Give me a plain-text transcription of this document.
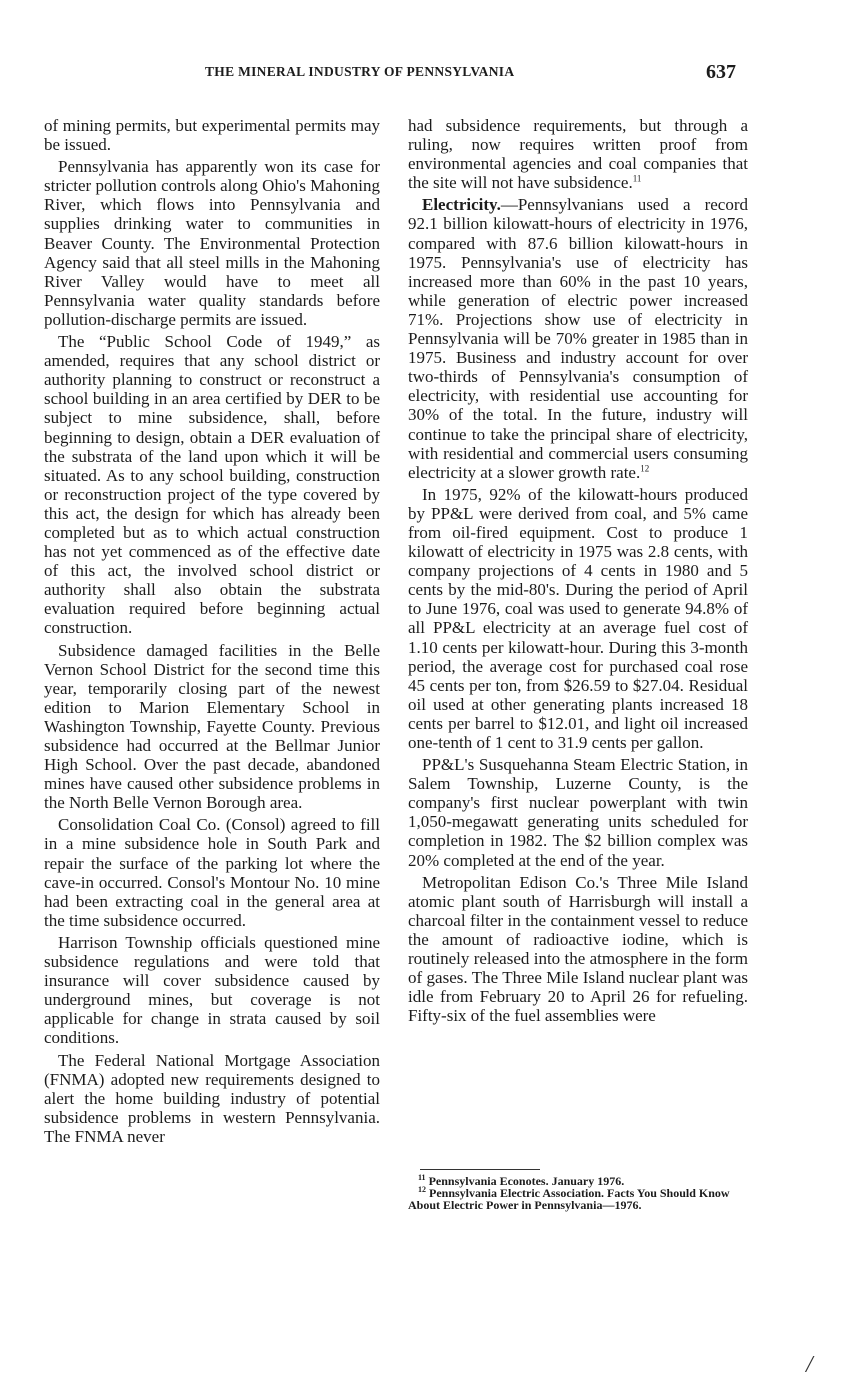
THE MINERAL INDUSTRY OF PENNSYLVANIA	637

of mining permits, but experimental permits may be issued.

Pennsylvania has apparently won its case for stricter pollution controls along Ohio's Mahoning River, which flows into Pennsylvania and supplies drinking water to communities in Beaver County. The Environmental Protection Agency said that all steel mills in the Mahoning River Valley would have to meet all Pennsylvania water quality standards before pollution-discharge permits are issued.

The “Public School Code of 1949,” as amended, requires that any school district or authority planning to construct or reconstruct a school building in an area certified by DER to be subject to mine subsidence, shall, before beginning to design, obtain a DER evaluation of the substrata of the land upon which it will be situated. As to any school building, construction or reconstruction project of the type covered by this act, the design for which has already been completed but as to which actual construction has not yet commenced as of the effective date of this act, the involved school district or authority shall also obtain the substrata evaluation required before beginning actual construction.

Subsidence damaged facilities in the Belle Vernon School District for the second time this year, temporarily closing part of the newest edition to Marion Elementary School in Washington Township, Fayette County. Previous subsidence had occurred at the Bellmar Junior High School. Over the past decade, abandoned mines have caused other subsidence problems in the North Belle Vernon Borough area.

Consolidation Coal Co. (Consol) agreed to fill in a mine subsidence hole in South Park and repair the surface of the parking lot where the cave-in occurred. Consol's Montour No. 10 mine had been extracting coal in the general area at the time subsidence occurred.

Harrison Township officials questioned mine subsidence regulations and were told that insurance will cover subsidence caused by underground mines, but coverage is not applicable for change in strata caused by soil conditions.

The Federal National Mortgage Association (FNMA) adopted new requirements designed to alert the home building industry of potential subsidence problems in western Pennsylvania. The FNMA never

had subsidence requirements, but through a ruling, now requires written proof from environmental agencies and coal companies that the site will not have subsidence.$^{11}$

Electricity.—Pennsylvanians used a record 92.1 billion kilowatt-hours of electricity in 1976, compared with 87.6 billion kilowatt-hours in 1975. Pennsylvania's use of electricity has increased more than 60% in the past 10 years, while generation of electric power increased 71%. Projections show use of electricity in Pennsylvania will be 70% greater in 1985 than in 1975. Business and industry account for over two-thirds of Pennsylvania's consumption of electricity, with residential use accounting for 30% of the total. In the future, industry will continue to take the principal share of electricity, with residential and commercial users consuming electricity at a slower growth rate.$^{12}$

In 1975, 92% of the kilowatt-hours produced by PP&L were derived from coal, and 5% came from oil-fired equipment. Cost to produce 1 kilowatt of electricity in 1975 was 2.8 cents, with company projections of 4 cents in 1980 and 5 cents by the mid-80's. During the period of April to June 1976, coal was used to generate 94.8% of all PP&L electricity at an average fuel cost of 1.10 cents per kilowatt-hour. During this 3-month period, the average cost for purchased coal rose 45 cents per ton, from $26.59 to $27.04. Residual oil used at other generating plants increased 18 cents per barrel to $12.01, and light oil increased one-tenth of 1 cent to 31.9 cents per gallon.

PP&L's Susquehanna Steam Electric Station, in Salem Township, Luzerne County, is the company's first nuclear powerplant with twin 1,050-megawatt generating units scheduled for completion in 1982. The $2 billion complex was 20% completed at the end of the year.

Metropolitan Edison Co.'s Three Mile Island atomic plant south of Harrisburgh will install a charcoal filter in the containment vessel to reduce the amount of radioactive iodine, which is routinely released into the atmosphere in the form of gases. The Three Mile Island nuclear plant was idle from February 20 to April 26 for refueling. Fifty-six of the fuel assemblies were

$^{11}$ Pennsylvania Econotes. January 1976.

$^{12}$ Pennsylvania Electric Association. Facts You Should Know About Electric Power in Pennsylvania—1976.

/
